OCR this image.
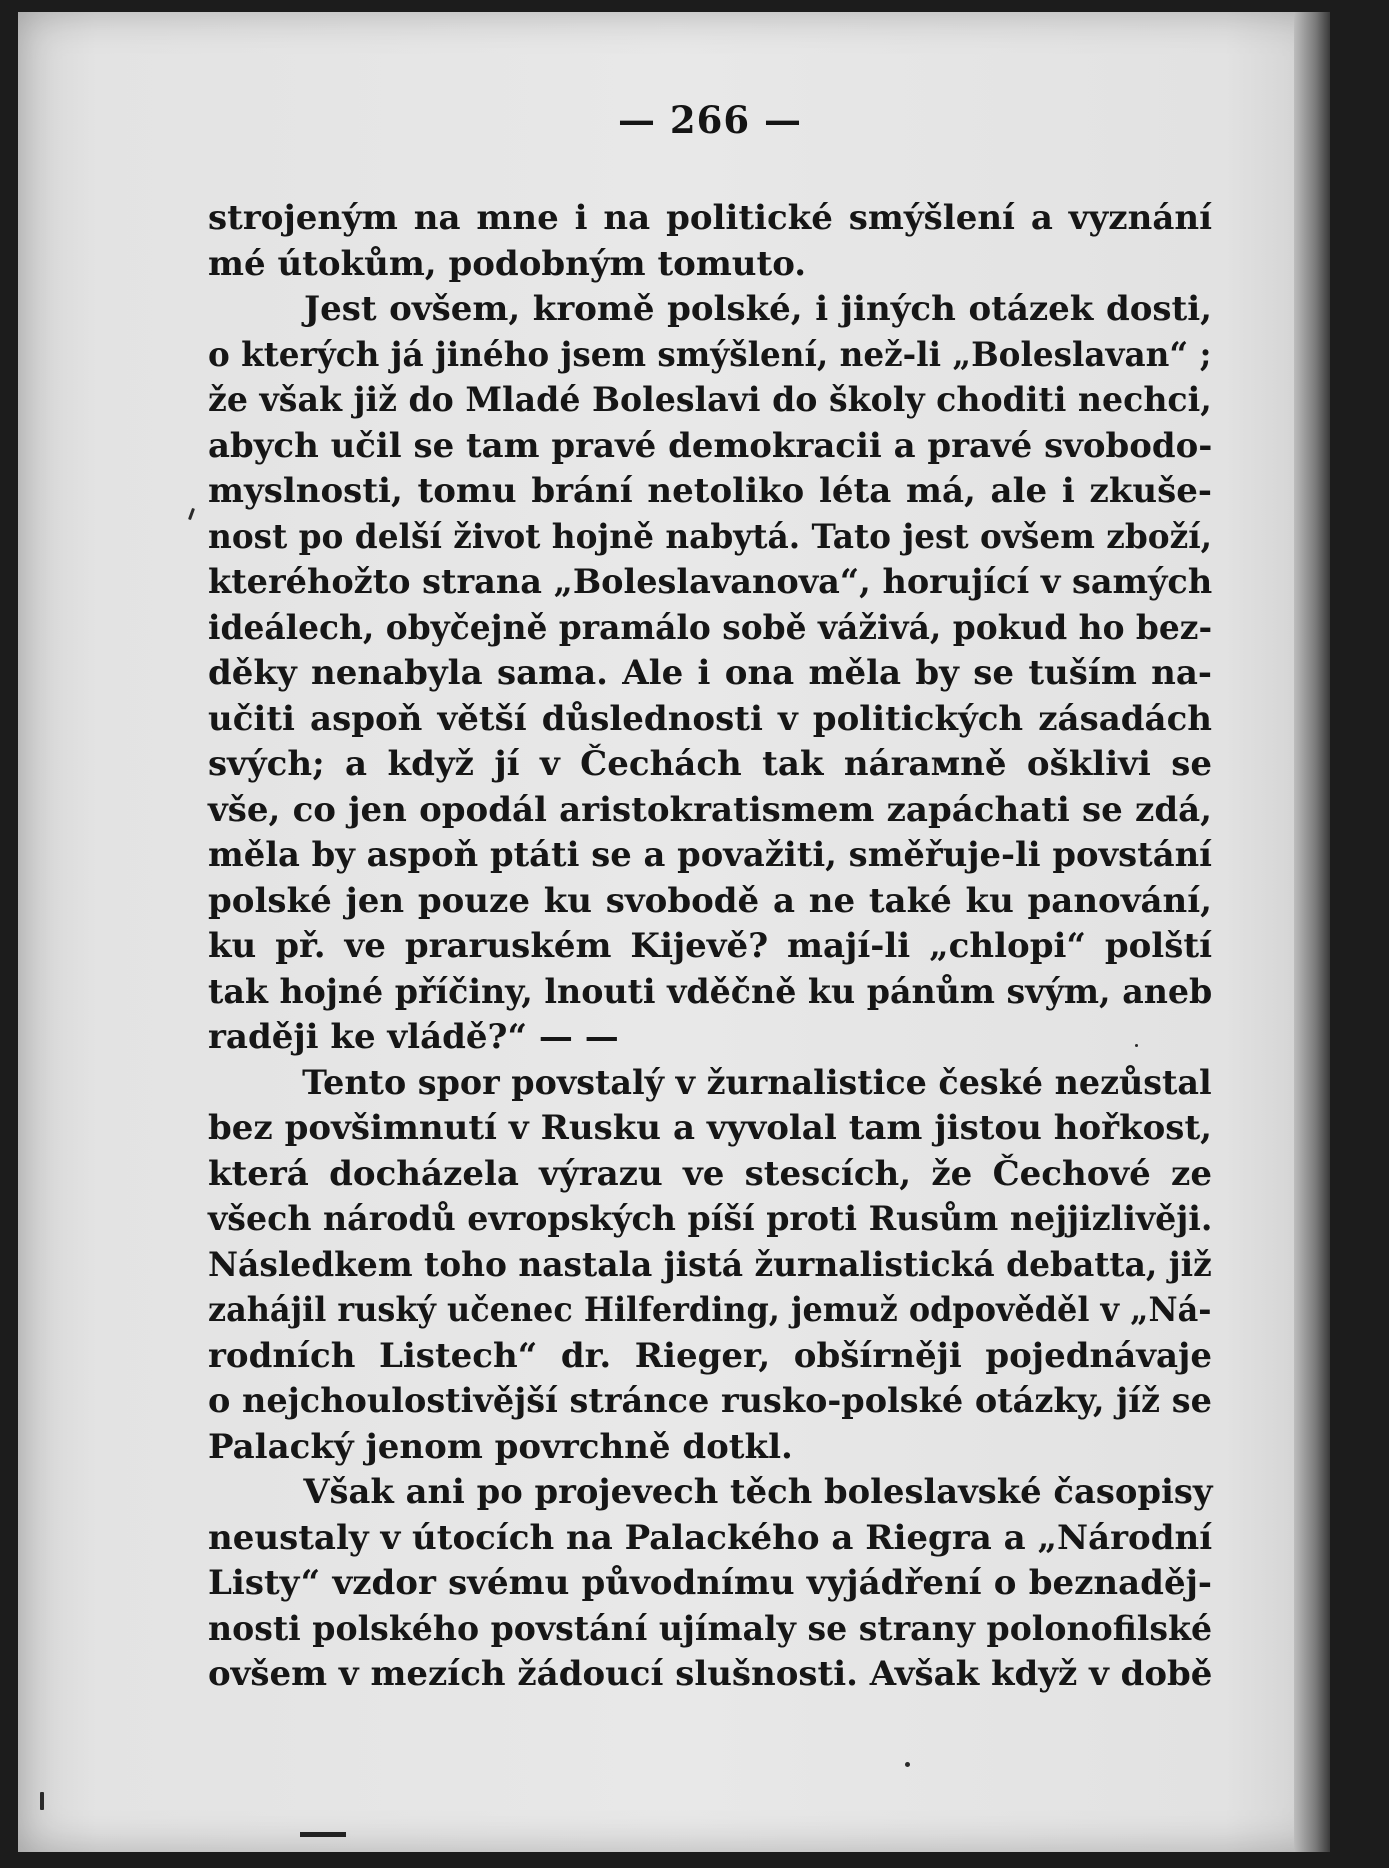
— 266 —
strojeným na mne i na politické smýšlení a vyznání
mé útokům, podobným tomuto.
Jest ovšem, kromě polské, i jiných otázek dosti,
o kterých já jiného jsem smýšlení, než-li „Boleslavan“ ;
že však již do Mladé Boleslavi do školy choditi nechci,
abych učil se tam pravé demokracii a pravé svobodo-
myslnosti, tomu brání netoliko léta má, ale i zkuše-
nost po delší život hojně nabytá. Tato jest ovšem zboží,
kteréhožto strana „Boleslavanova“, horující v samých
ideálech, obyčejně pramálo sobě váživá, pokud ho bez-
děky nenabyla sama. Ale i ona měla by se tuším na-
učiti aspoň větší důslednosti v politických zásadách
svých; a když jí v Čechách tak nárамně ošklivi se
vše, co jen opodál aristokratismem zapáchati se zdá,
měla by aspoň ptáti se a považiti, směřuje-li povstání
polské jen pouze ku svobodě a ne také ku panování,
ku př. ve praruském Kijevě? mají-li „chlopi“ polští
tak hojné příčiny, lnouti vděčně ku pánům svým, aneb
raději ke vládě?“ — —
Tento spor povstalý v žurnalistice české nezůstal
bez povšimnutí v Rusku a vyvolal tam jistou hořkost,
která docházela výrazu ve stescích, že Čechové ze
všech národů evropských píší proti Rusům nejjizlivěji.
Následkem toho nastala jistá žurnalistická debatta, již
zahájil ruský učenec Hilferding, jemuž odpověděl v „Ná-
rodních Listech“ dr. Rieger, obšírněji pojednávaje
o nejchoulostivější stránce rusko-polské otázky, jíž se
Palacký jenom povrchně dotkl.
Však ani po projevech těch boleslavské časopisy
neustaly v útocích na Palackého a Riegra a „Národní
Listy“ vzdor svému původnímu vyjádření o beznaděj-
nosti polského povstání ujímaly se strany polonofilské
ovšem v mezích žádoucí slušnosti. Avšak když v době
